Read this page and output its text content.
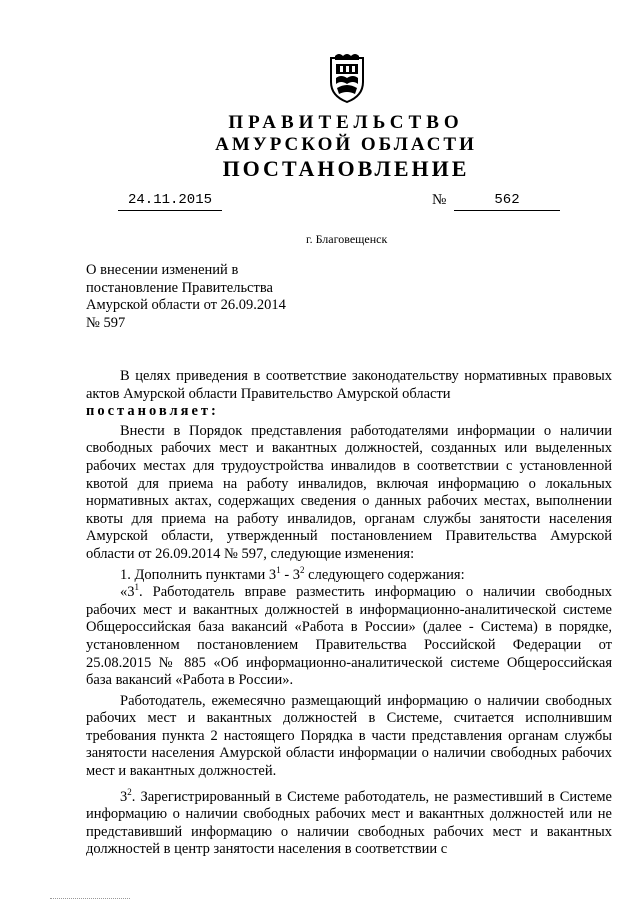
ПРАВИТЕЛЬСТВО
АМУРСКОЙ ОБЛАСТИ
ПОСТАНОВЛЕНИЕ
24.11.2015	№	562
г. Благовещенск
О внесении изменений в
постановление Правительства
Амурской области от 26.09.2014
№ 597

В целях приведения в соответствие законодательству нормативных правовых актов Амурской области Правительство Амурской области

постановляет:

Внести в Порядок представления работодателями информации о наличии свободных рабочих мест и вакантных должностей, созданных или выделенных рабочих местах для трудоустройства инвалидов в соответствии с установленной квотой для приема на работу инвалидов, включая информацию о локальных нормативных актах, содержащих сведения о данных рабочих местах, выполнении квоты для приема на работу инвалидов, органам службы занятости населения Амурской области, утвержденный постановлением Правительства Амурской области от 26.09.2014 № 597, следующие изменения:

1. Дополнить пунктами $3^1 - 3^2$ следующего содержания:

«$3^1$. Работодатель вправе разместить информацию о наличии свободных рабочих мест и вакантных должностей в информационно-аналитической системе Общероссийская база вакансий «Работа в России» (далее - Система) в порядке, установленном постановлением Правительства Российской Федерации от 25.08.2015 № 885 «Об информационно-аналитической системе Общероссийская база вакансий «Работа в России».

Работодатель, ежемесячно размещающий информацию о наличии свободных рабочих мест и вакантных должностей в Системе, считается исполнившим требования пункта 2 настоящего Порядка в части представления органам службы занятости населения Амурской области информации о наличии свободных рабочих мест и вакантных должностей.

$3^2$. Зарегистрированный в Системе работодатель, не разместивший в Системе информацию о наличии свободных рабочих мест и вакантных должностей или не представивший информацию о наличии свободных рабочих мест и вакантных должностей в центр занятости населения в соответствии с
